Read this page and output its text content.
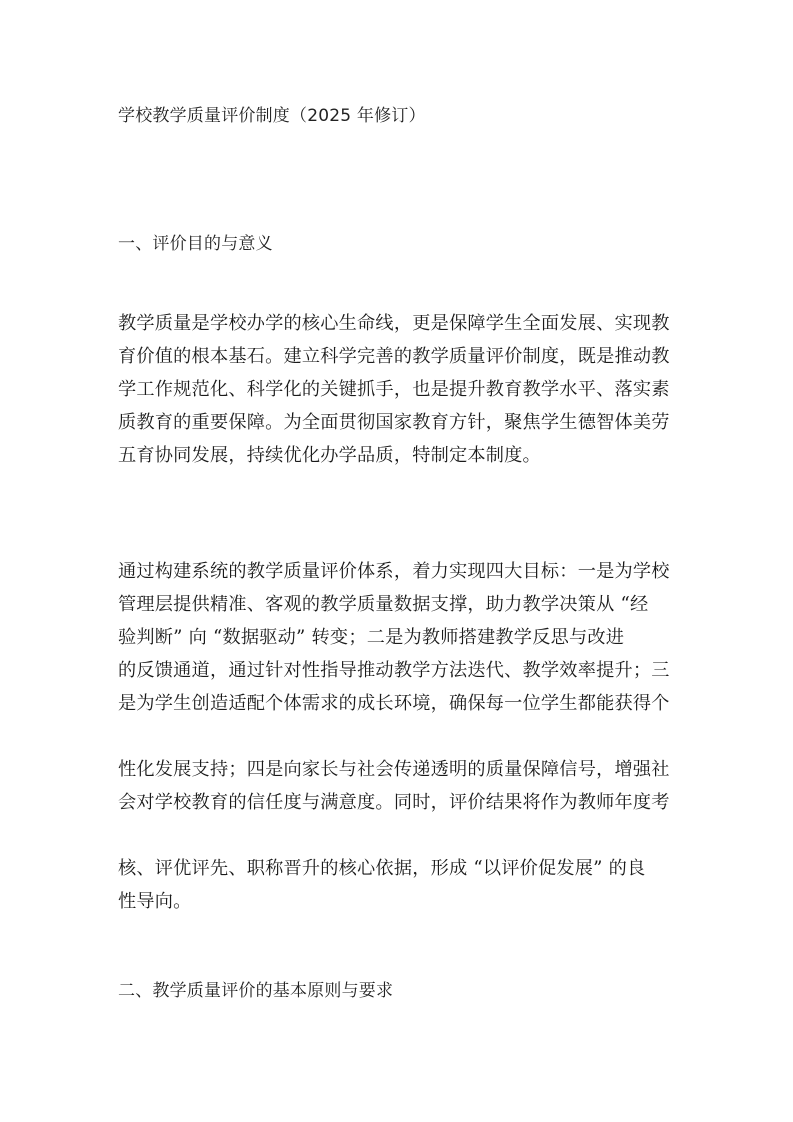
学校教学质量评价制度（2025 年修订）
一、评价目的与意义
教学质量是学校办学的核心生命线，更是保障学生全面发展、实现教
育价值的根本基石。建立科学完善的教学质量评价制度，既是推动教
学工作规范化、科学化的关键抓手，也是提升教育教学水平、落实素
质教育的重要保障。为全面贯彻国家教育方针，聚焦学生德智体美劳
五育协同发展，持续优化办学品质，特制定本制度。
通过构建系统的教学质量评价体系，着力实现四大目标：一是为学校
管理层提供精准、客观的教学质量数据支撑，助力教学决策从 “经
验判断” 向 “数据驱动” 转变；二是为教师搭建教学反思与改进
的反馈通道，通过针对性指导推动教学方法迭代、教学效率提升；三
是为学生创造适配个体需求的成长环境，确保每一位学生都能获得个
性化发展支持；四是向家长与社会传递透明的质量保障信号，增强社
会对学校教育的信任度与满意度。同时，评价结果将作为教师年度考
核、评优评先、职称晋升的核心依据，形成 “以评价促发展” 的良
性导向。
二、教学质量评价的基本原则与要求
